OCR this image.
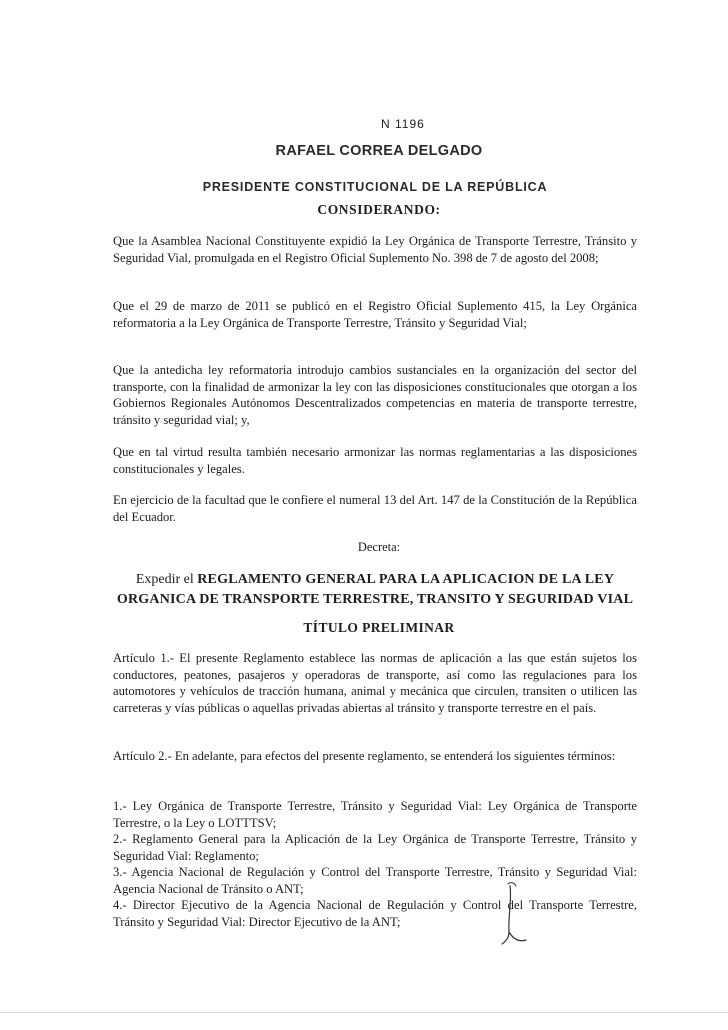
N 1196
RAFAEL CORREA DELGADO
PRESIDENTE CONSTITUCIONAL DE LA REPÚBLICA
CONSIDERANDO:

Que la Asamblea Nacional Constituyente expidió la Ley Orgánica de Transporte Terrestre, Tránsito y Seguridad Vial, promulgada en el Registro Oficial Suplemento No. 398 de 7 de agosto del 2008;

Que el 29 de marzo de 2011 se publicó en el Registro Oficial Suplemento 415, la Ley Orgánica reformatoria a la Ley Orgánica de Transporte Terrestre, Tránsito y Seguridad Vial;

Que la antedicha ley reformatoria introdujo cambios sustanciales en la organización del sector del transporte, con la finalidad de armonizar la ley con las disposiciones constitucionales que otorgan a los Gobiernos Regionales Autónomos Descentralizados competencias en materia de transporte terrestre, tránsito y seguridad vial; y,

Que en tal virtud resulta también necesario armonizar las normas reglamentarias a las disposiciones constitucionales y legales.

En ejercicio de la facultad que le confiere el numeral 13 del Art. 147 de la Constitución de la República del Ecuador.

Decreta:

Expedir el REGLAMENTO GENERAL PARA LA APLICACION DE LA LEY
ORGANICA DE TRANSPORTE TERRESTRE, TRANSITO Y SEGURIDAD VIAL

TÍTULO PRELIMINAR

Artículo 1.- El presente Reglamento establece las normas de aplicación a las que están sujetos los conductores, peatones, pasajeros y operadoras de transporte, así como las regulaciones para los automotores y vehículos de tracción humana, animal y mecánica que circulen, transiten o utilicen las carreteras y vías públicas o aquellas privadas abiertas al tránsito y transporte terrestre en el país.

Artículo 2.- En adelante, para efectos del presente reglamento, se entenderá los siguientes términos:

1.- Ley Orgánica de Transporte Terrestre, Tránsito y Seguridad Vial: Ley Orgánica de Transporte Terrestre, o la Ley o LOTTTSV;
2.- Reglamento General para la Aplicación de la Ley Orgánica de Transporte Terrestre, Tránsito y Seguridad Vial: Reglamento;
3.- Agencia Nacional de Regulación y Control del Transporte Terrestre, Tránsito y Seguridad Vial: Agencia Nacional de Tránsito o ANT;
4.- Director Ejecutivo de la Agencia Nacional de Regulación y Control del Transporte Terrestre, Tránsito y Seguridad Vial: Director Ejecutivo de la ANT;
